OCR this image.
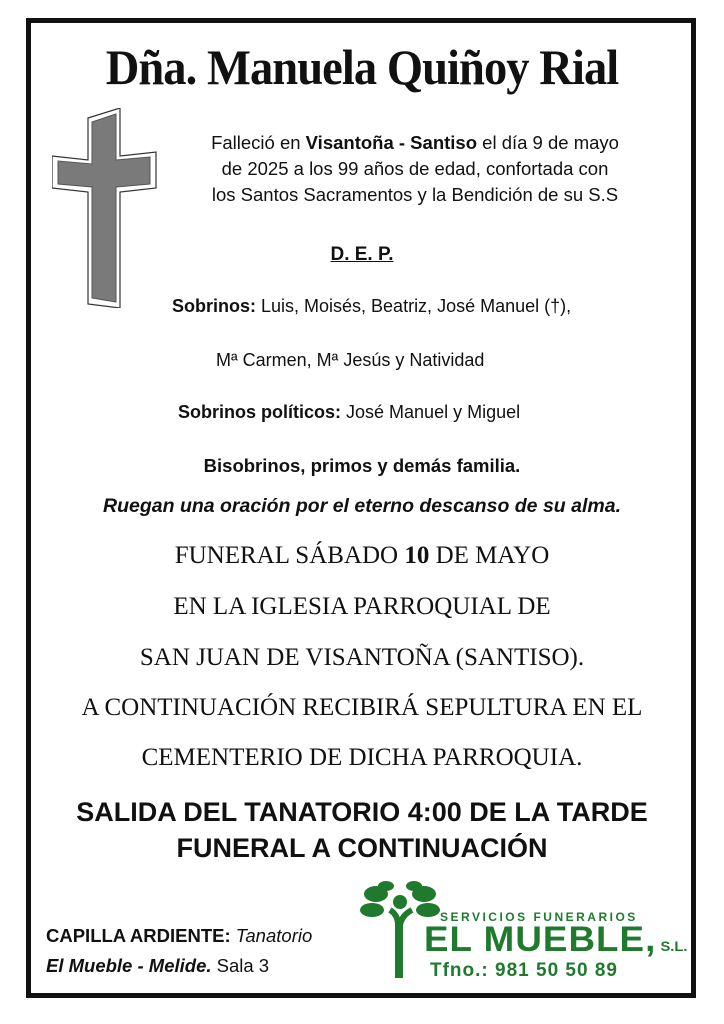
Dña. Manuela Quiñoy Rial
Falleció en Visantoña - Santiso el día 9 de mayo
de 2025 a los 99 años de edad, confortada con
los Santos Sacramentos y la Bendición de su S.S
D. E. P.
Sobrinos: Luis, Moisés, Beatriz, José Manuel (†),
Mª Carmen, Mª Jesús y Natividad
Sobrinos políticos: José Manuel y Miguel
Bisobrinos, primos y demás familia.
Ruegan una oración por el eterno descanso de su alma.
FUNERAL SÁBADO 10 DE MAYO
EN LA IGLESIA PARROQUIAL DE
SAN JUAN DE VISANTOÑA (SANTISO).
A CONTINUACIÓN RECIBIRÁ SEPULTURA EN EL
CEMENTERIO DE DICHA PARROQUIA.
SALIDA DEL TANATORIO 4:00 DE LA TARDE
FUNERAL A CONTINUACIÓN
CAPILLA ARDIENTE: Tanatorio
El Mueble - Melide. Sala 3
SERVICIOS FUNERARIOS
EL MUEBLE, S.L.
Tfno.: 981 50 50 89
